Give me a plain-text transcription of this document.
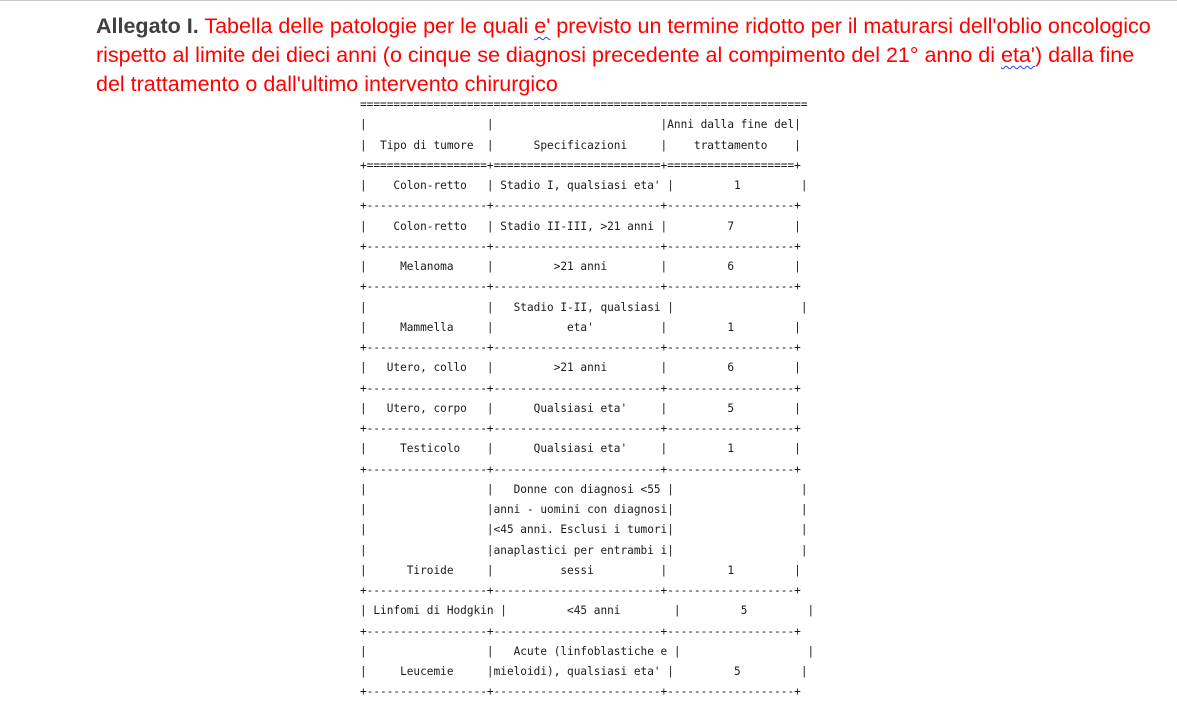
Allegato I. Tabella delle patologie per le quali e' previsto un termine ridotto per il maturarsi dell'oblio oncologico rispetto al limite dei dieci anni (o cinque se diagnosi precedente al compimento del 21° anno di eta') dalla fine del trattamento o dall'ultimo intervento chirurgico
===================================================================
|                  |                         |Anni dalla fine del|
|  Tipo di tumore  |      Specificazioni     |    trattamento    |
+==================+=========================+===================+
|    Colon-retto   | Stadio I, qualsiasi eta' |         1         |
+------------------+-------------------------+-------------------+
|    Colon-retto   | Stadio II-III, >21 anni |         7         |
+------------------+-------------------------+-------------------+
|     Melanoma     |         >21 anni        |         6         |
+------------------+-------------------------+-------------------+
|                  |   Stadio I-II, qualsiasi |                   |
|     Mammella     |           eta'          |         1         |
+------------------+-------------------------+-------------------+
|   Utero, collo   |         >21 anni        |         6         |
+------------------+-------------------------+-------------------+
|   Utero, corpo   |      Qualsiasi eta'     |         5         |
+------------------+-------------------------+-------------------+
|     Testicolo    |      Qualsiasi eta'     |         1         |
+------------------+-------------------------+-------------------+
|                  |   Donne con diagnosi <55 |                   |
|                  |anni - uomini con diagnosi|                   |
|                  |<45 anni. Esclusi i tumori|                   |
|                  |anaplastici per entrambi i|                   |
|      Tiroide     |          sessi          |         1         |
+------------------+-------------------------+-------------------+
| Linfomi di Hodgkin |         <45 anni        |         5         |
+------------------+-------------------------+-------------------+
|                  |   Acute (linfoblastiche e |                   |
|     Leucemie     |mieloidi), qualsiasi eta' |         5         |
+------------------+-------------------------+-------------------+
